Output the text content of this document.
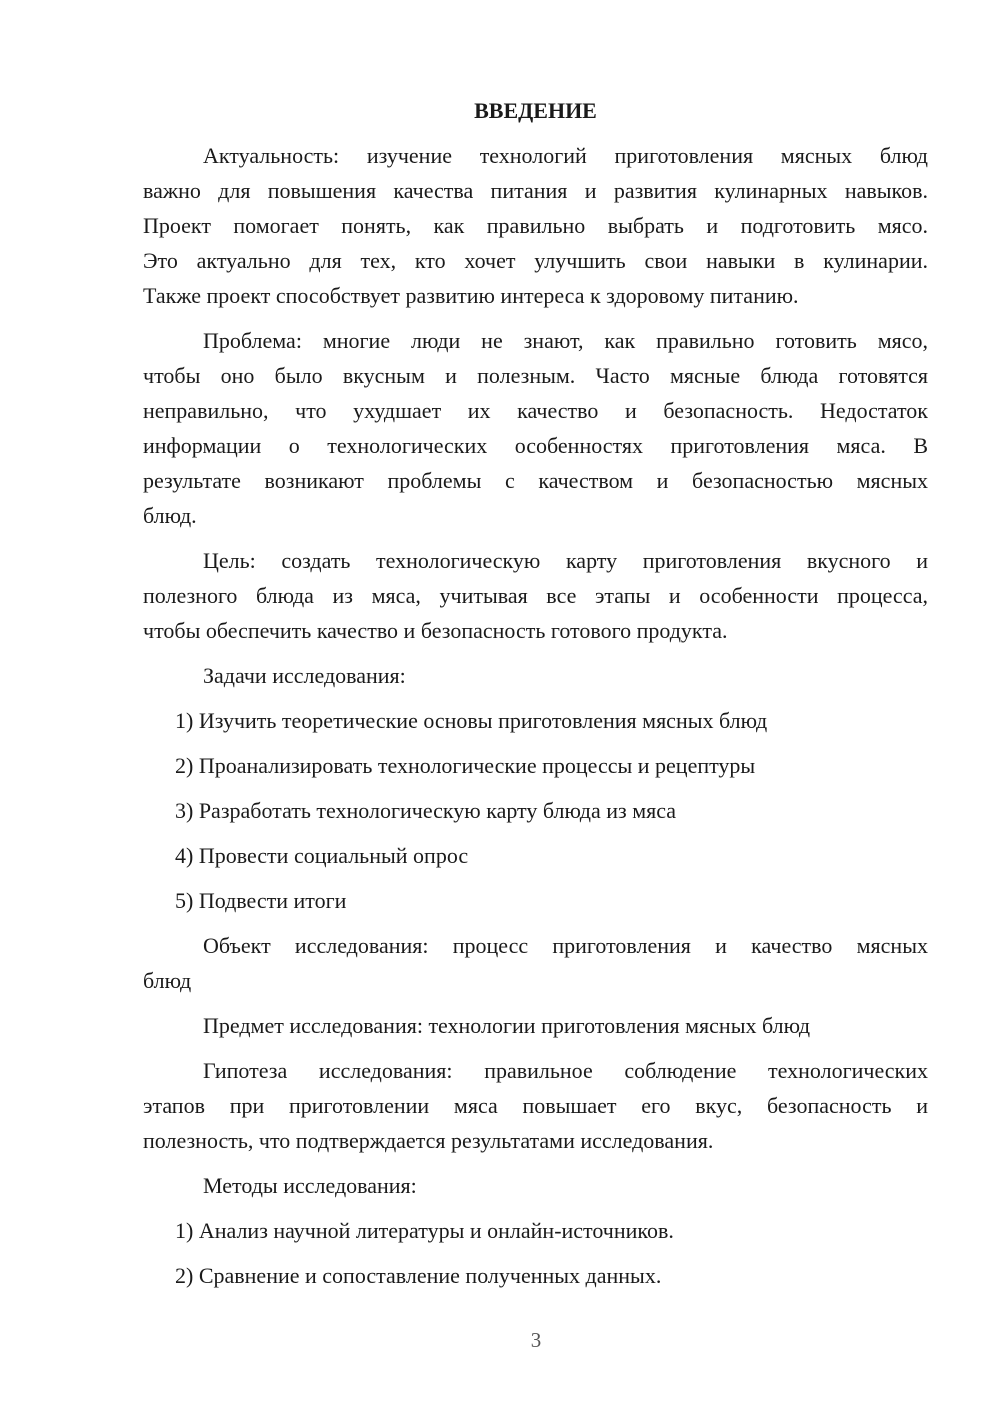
ВВЕДЕНИЕ
Актуальность: изучение технологий приготовления мясных блюд
важно для повышения качества питания и развития кулинарных навыков.
Проект помогает понять, как правильно выбрать и подготовить мясо.
Это актуально для тех, кто хочет улучшить свои навыки в кулинарии.
Также проект способствует развитию интереса к здоровому питанию.
Проблема: многие люди не знают, как правильно готовить мясо,
чтобы оно было вкусным и полезным. Часто мясные блюда готовятся
неправильно, что ухудшает их качество и безопасность. Недостаток
информации о технологических особенностях приготовления мяса. В
результате возникают проблемы с качеством и безопасностью мясных
блюд.
Цель: создать технологическую карту приготовления вкусного и
полезного блюда из мяса, учитывая все этапы и особенности процесса,
чтобы обеспечить качество и безопасность готового продукта.
Задачи исследования:
1) Изучить теоретические основы приготовления мясных блюд
2) Проанализировать технологические процессы и рецептуры
3) Разработать технологическую карту блюда из мяса
4) Провести социальный опрос
5) Подвести итоги
Объект исследования: процесс приготовления и качество мясных
блюд
Предмет исследования: технологии приготовления мясных блюд
Гипотеза исследования: правильное соблюдение технологических
этапов при приготовлении мяса повышает его вкус, безопасность и
полезность, что подтверждается результатами исследования.
Методы исследования:
1) Анализ научной литературы и онлайн-источников.
2) Сравнение и сопоставление полученных данных.
3
